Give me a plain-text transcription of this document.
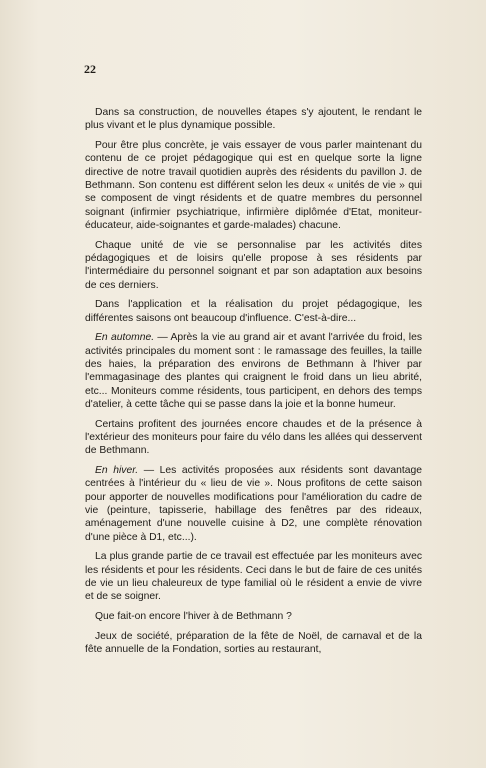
22

Dans sa construction, de nouvelles étapes s'y ajoutent, le rendant le plus vivant et le plus dynamique possible.

Pour être plus concrète, je vais essayer de vous parler maintenant du contenu de ce projet pédagogique qui est en quelque sorte la ligne directive de notre travail quotidien auprès des résidents du pavillon J. de Bethmann. Son contenu est différent selon les deux « unités de vie » qui se composent de vingt résidents et de quatre membres du personnel soignant (infirmier psychiatrique, infirmière diplômée d'Etat, moniteur-éducateur, aide-soignantes et garde-malades) chacune.

Chaque unité de vie se personnalise par les activités dites pédagogiques et de loisirs qu'elle propose à ses résidents par l'intermédiaire du personnel soignant et par son adaptation aux besoins de ces derniers.

Dans l'application et la réalisation du projet pédagogique, les différentes saisons ont beaucoup d'influence. C'est-à-dire...

En automne. — Après la vie au grand air et avant l'arrivée du froid, les activités principales du moment sont : le ramassage des feuilles, la taille des haies, la préparation des environs de Bethmann à l'hiver par l'emmagasinage des plantes qui craignent le froid dans un lieu abrité, etc... Moniteurs comme résidents, tous participent, en dehors des temps d'atelier, à cette tâche qui se passe dans la joie et la bonne humeur.

Certains profitent des journées encore chaudes et de la présence à l'extérieur des moniteurs pour faire du vélo dans les allées qui desservent de Bethmann.

En hiver. — Les activités proposées aux résidents sont davantage centrées à l'intérieur du « lieu de vie ». Nous profitons de cette saison pour apporter de nouvelles modifications pour l'amélioration du cadre de vie (peinture, tapisserie, habillage des fenêtres par des rideaux, aménagement d'une nouvelle cuisine à D2, une complète rénovation d'une pièce à D1, etc...).

La plus grande partie de ce travail est effectuée par les moniteurs avec les résidents et pour les résidents. Ceci dans le but de faire de ces unités de vie un lieu chaleureux de type familial où le résident a envie de vivre et de se soigner.

Que fait-on encore l'hiver à de Bethmann ?

Jeux de société, préparation de la fête de Noël, de carnaval et de la fête annuelle de la Fondation, sorties au restaurant,
